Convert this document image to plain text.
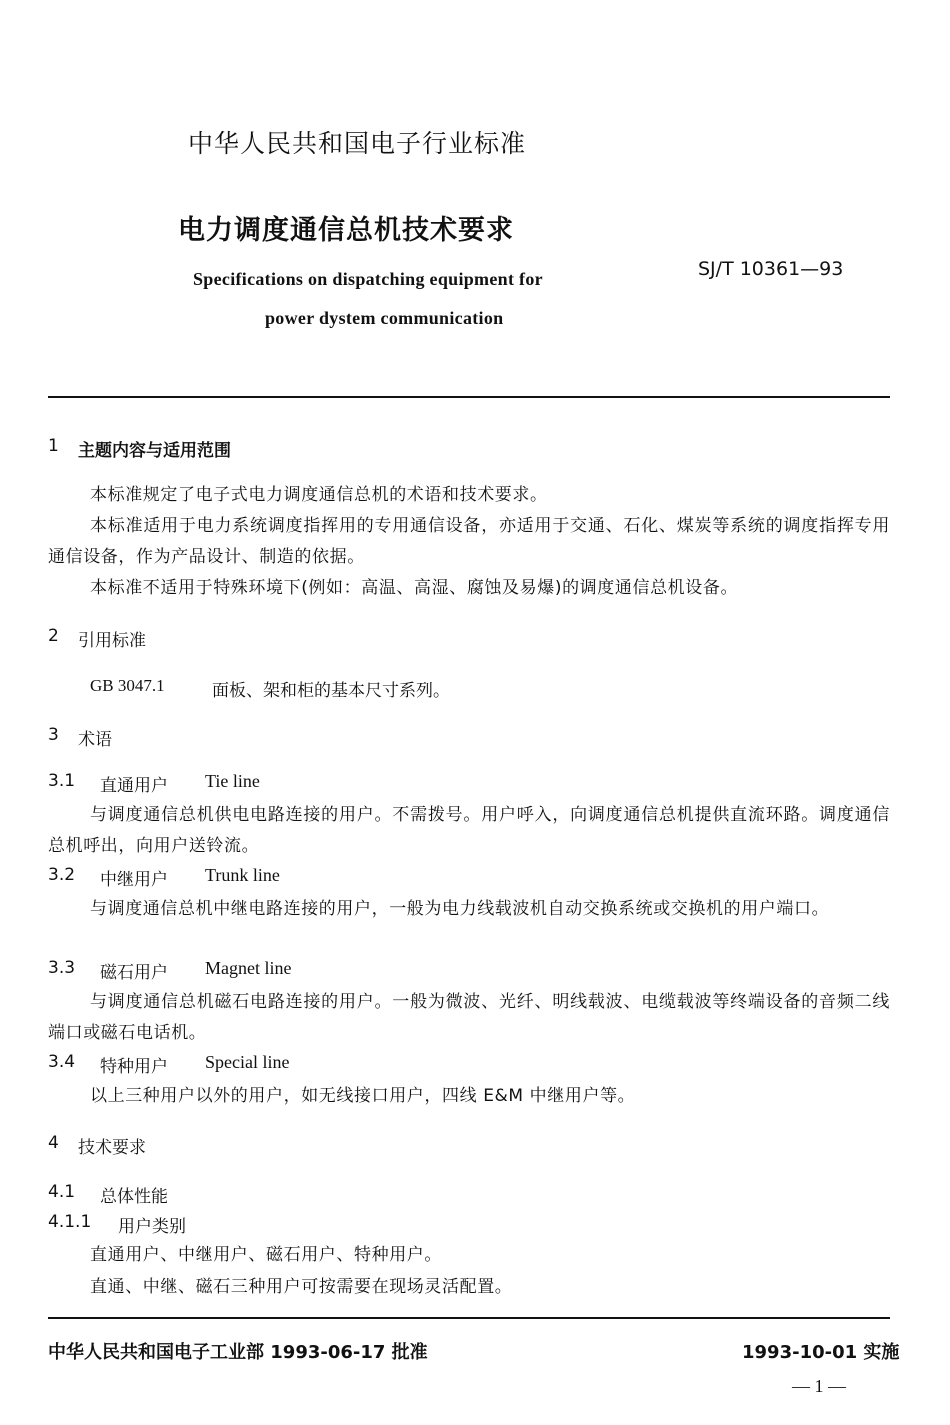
中华人民共和国电子行业标准
电力调度通信总机技术要求
Specifications on dispatching equipment for
power dystem communication
SJ/T 10361—93
1 主题内容与适用范围
本标准规定了电子式电力调度通信总机的术语和技术要求。
本标准适用于电力系统调度指挥用的专用通信设备，亦适用于交通、石化、煤炭等系统的调度指挥专用通信设备，作为产品设计、制造的依据。
本标准不适用于特殊环境下(例如：高温、高湿、腐蚀及易爆)的调度通信总机设备。
2 引用标准
GB 3047.1	面板、架和柜的基本尺寸系列。
3 术语
3.1 直通用户 Tie line
与调度通信总机供电电路连接的用户。不需拨号。用户呼入，向调度通信总机提供直流环路。调度通信总机呼出，向用户送铃流。
3.2 中继用户 Trunk line
与调度通信总机中继电路连接的用户，一般为电力线载波机自动交换系统或交换机的用户端口。
3.3 磁石用户 Magnet line
与调度通信总机磁石电路连接的用户。一般为微波、光纤、明线载波、电缆载波等终端设备的音频二线端口或磁石电话机。
3.4 特种用户 Special line
以上三种用户以外的用户，如无线接口用户，四线 E&M 中继用户等。
4 技术要求
4.1 总体性能
4.1.1 用户类别
直通用户、中继用户、磁石用户、特种用户。
直通、中继、磁石三种用户可按需要在现场灵活配置。
中华人民共和国电子工业部 1993-06-17 批准	1993-10-01 实施
— 1 —
